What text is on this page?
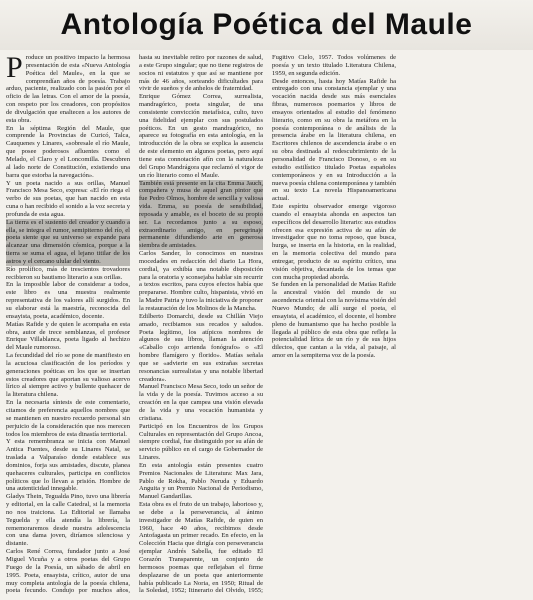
Antología Poética del Maule

Produce un positivo impacto la hermosa presentación de esta «Nueva Antología Poética del Maule», en la que se comprendían años de poesía. Trabajo arduo, paciente, realizado con la pasión por el oficio de las letras. Con el amor de la poesía, con respeto por los creadores, con propósitos de divulgación que enaltecen a los autores de esta obra.

En la séptima Región del Maule, que comprende la Provincias de Curicó, Talca, Cauquenes y Linares, «sobresale el río Maule, que posee poderosos afluentes como el Melado, el Claro y el Loncomilla. Descubren al lado norte de Constitución, existiendo una barra que estorba la navegación».

Y un poeta nacido a sus orillas, Manuel Francisco Mesa Seco, expresa: «El río riega el verbo de sus poetas, que han nacido en esta cuna o han recibido el sonido a la voz secreta y profunda de esta agua.

La tierra es el sustento del creador y cuando a ella, se integra el rumor, semipiterno del río, el poeta siente que su universo se expande para alcanzar una dimensión cósmica, porque a la tierra se suma el agua, el lejano titilar de los astros y el cercano ulular del viento.

Río prolífico, más de trescientos trovadores recibieron su bautismo literario a sus orillas.

En la imposible labor de considerar a todos, este libro es una muestra realmente representativa de los valores allí surgidos. En su elaborar está la maestría, reconocida del ensayista, poeta, académico, docente.

Matías Rafide y de quien le acompaña en esta obra, autor de trece semblanzas, el profesor Enrique Villablanca, poeta ligado al hechizo del Maule rumoroso.

La fecundidad del río se pone de manifiesto en la acuciosa clasificación de los períodos y generaciones poéticas en los que se insertan estos creadores que aportan su valioso acervo lírico al siempre activo y bullente quehacer de la literatura chilena.

En la necesaria síntesis de este comentario, citamos de preferencia aquellos nombres que se mantienen en nuestro recuerdo personal sin perjuicio de la consideración que nos merecen todos los miembros de esta dinastía territorial.

Y esta remembranza se inicia con Manuel Antica Fuentes, desde su Linares Natal, se traslada a Valparaíso donde establece sus dominios, forja sus amistades, discute, planea quehaceres culturales, participa en conflictos políticos que lo llevan a prisión. Hombre de una autenticidad innegable.

Gladys Thein, Tegualda Pino, tuvo una librería y editorial, en la calle Catedral, si la memoria no nos traiciona. La Editorial se llamaba Teguelda y ella atendía la librería, la rememoraremos desde nuestra adolescencia con una dama joven, diríamos silenciosa y distante.

Carlos René Correa, fundador junto a José Miguel Vicuña y a otros poetas del Grupo Fuego de la Poesía, un sábado de abril en 1995. Poeta, ensayista, crítico, autor de una muy completa antología de la poesía chilena, poeta fecundo. Condujo por muchos años, hasta su inevitable retiro por razones de salud, a este Grupo singular; que no tiene registros de socios ni estatutos y que así se mantiene por más de 46 años, sorteando dificultades para vivir de sueños y de anhelos de fraternidad.

Enrique Gómez Correa, surrealista, mandragórico, poeta singular, de una consistente convicción metafísica, culto, tuvo una fidelidad ejemplar con sus postulados poéticos. En un gesto mandragórico, no aparece su fotografía en esta antología, en la introducción de la obra se explica la ausencia de este elemento en algunos poetas, pero aquí tiene esta connotación afín con la naturaleza del Grupo Mandrágora que reclamó el vigor de un río literario como el Maule.

También está presente en la cita Emma Jauch, compañera y musa de aquel gran pintor que fue Pedro Olmos, hombre de sencilla y valiosa vida. Emma, su poesía de sensibilidad, reposada y amable, es el boceto de su propio ser. La recordamos junto a su esposo, extraordinario amigo, en peregrinaje permanente difundiendo arte en generosa siembra de amistades.

Carlos Sander, lo conocimos en nuestras mocedades en redacción del diario La Hora, cordial, ya exhibía una notable disposición para la oratoria y sconsejaba hablar sin recurrir a textos escritos, para cuyos efectos había que prepararse. Hombre culto, hispanista, vivió en la Madre Patria y tuvo la iniciativa de proponer la restauración de los Molinos de la Mancha.

Edilberto Domarchi, desde su Chillán Viejo amado, recibiamos sus recados y saludos. Poeta legítimo, los atípicos nombres de algunos de sus libros, llaman la atención «Caballo cojo arrienda fonógrafo» o «El hombre flamígero y florido». Matías señala que se «advierte en sus extrañas secretas resonancias surrealistas y una notable libertad creadora».

Manuel Francisco Mesa Seco, todo un señor de la vida y de la poesía. Tuvimos acceso a su creación en la que campea una visión elevada de la vida y una vocación humanista y cristiana.

Participó en los Encuentros de los Grupos Culturales en representación del Grupo Ancoa, siempre cordial, fue distinguido por su afán de servicio público en el cargo de Gobernador de Linares.

En esta antología están presentes cuatro Premios Nacionales de Literatura: Max Jara, Pablo de Rokha, Pablo Neruda y Eduardo Anguita y un Premio Nacional de Periodismo, Manuel Gandarillas.

Esta obra es el fruto de un trabajo, laborioso y, se debe a la perseverancia, al ánimo investigador de Matías Rafide, de quien en 1960, hace 40 años, recibimos desde Antofagasta un primer recado. En efecto, en la Colección Hacia que dirigía con perseverancia ejemplar Andrés Sabella, fue editado El Corazón Transparente, un conjunto de hermosos poemas que reflejaban el firme desplazarse de un poeta que anteriormente había publicado La Noria, en 1950; Ritual de la Soledad, 1952; Itinerario del Olvido, 1955; Fugitivo Cielo, 1957. Todos volúmenes de poesía y un texto titulado Literatura Chilena, 1959, en segunda edición.

Desde entonces, hasta hoy Matías Rafide ha entregado con una constancia ejemplar y una vocación nacida desde sus más esenciales fibras, numerosos poemarios y libros de ensayos orientados al estudio del fenómeno literario, como en su obra la metáfora en la poesía contemporánea o de análisis de la presencia árabe en la literatura chilena, en Escritores chilenos de ascendencia árabe o en su obra destinada al redescubrimiento de la personalidad de Francisco Donoso, o en su estudio estilístico titulado Poetas españoles contemporáneos y en su Introducción a la nueva poesía chilena contemporánea y también en su texto La novela Hispanoamericana actual.

Este espíritu observador emerge vigoroso cuando el ensayista ahonda en aspectos tan específicos del desarrollo literario: sus estudios ofrecen esa expresión activa de su afán de investigador que no toma reposo, que busca, hurga, se inserta en la historia, en la realidad, en la memoria colectiva del mundo para entregar, producto de su espíritu crítico, una visión objetiva, decantada de los temas que con mucha propiedad aborda.

Se funden en la personalidad de Matías Rafide la ancestral visión del mundo de su ascendencia oriental con la novísima visión del Nuevo Mundo; de allí surge el poeta, el ensayista, el académico, el docente, el hombre pleno de humanismo que ha hecho posible la llegada al público de esta obra que refleja la potencialidad lírica de un río y de sus hijos dilectos, que cantan a la vida, al paisaje, al amor en la sempiterna voz de la poesía.
